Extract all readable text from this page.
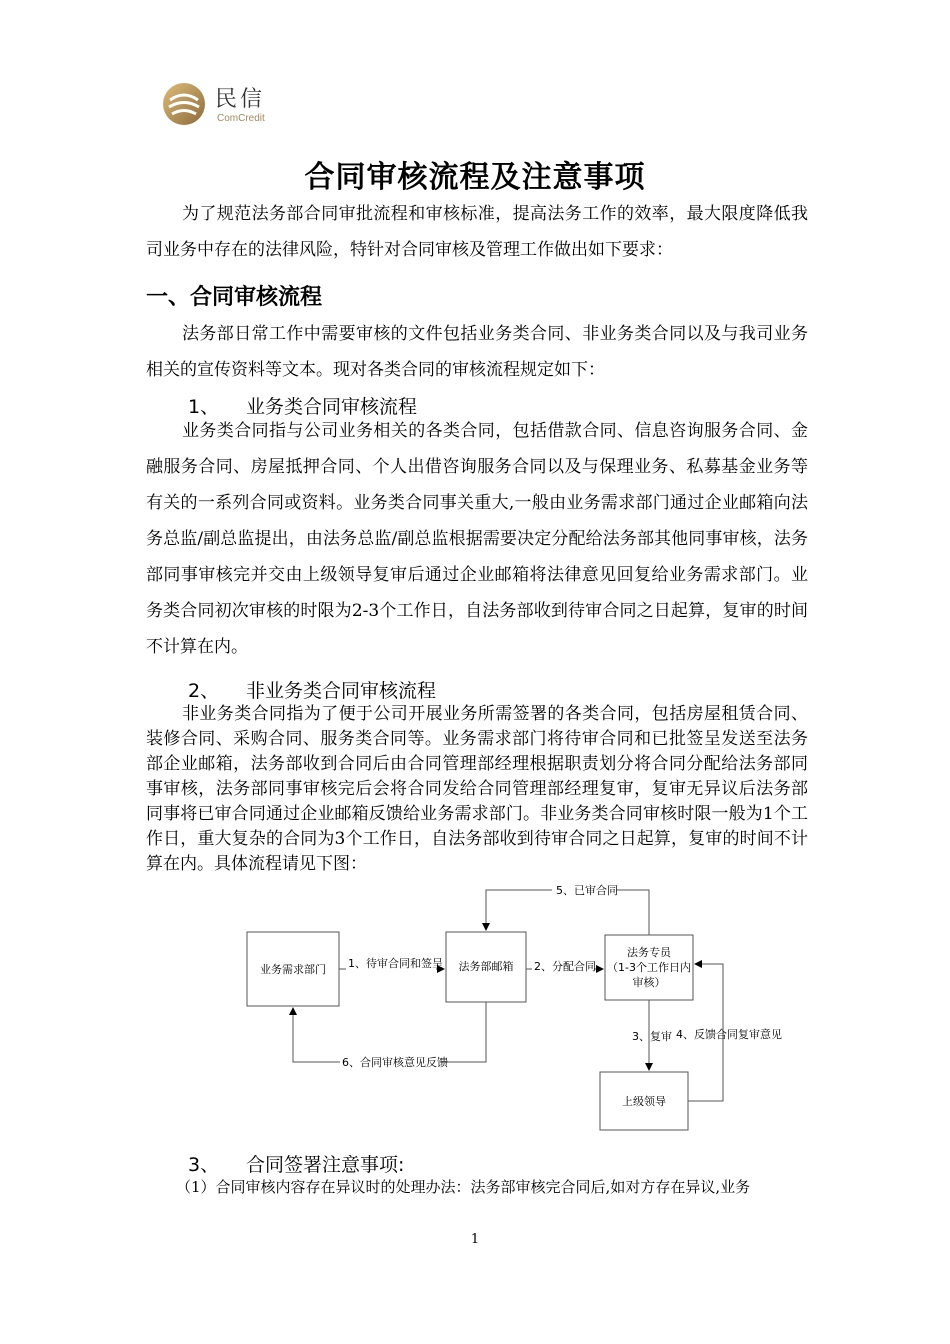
民信
ComCredit
合同审核流程及注意事项
为了规范法务部合同审批流程和审核标准，提高法务工作的效率，最大限度降低我司业务中存在的法律风险，特针对合同审核及管理工作做出如下要求：
一、合同审核流程
法务部日常工作中需要审核的文件包括业务类合同、非业务类合同以及与我司业务相关的宣传资料等文本。现对各类合同的审核流程规定如下：
1、 业务类合同审核流程
业务类合同指与公司业务相关的各类合同，包括借款合同、信息咨询服务合同、金融服务合同、房屋抵押合同、个人出借咨询服务合同以及与保理业务、私募基金业务等有关的一系列合同或资料。业务类合同事关重大,一般由业务需求部门通过企业邮箱向法务总监/副总监提出，由法务总监/副总监根据需要决定分配给法务部其他同事审核，法务部同事审核完并交由上级领导复审后通过企业邮箱将法律意见回复给业务需求部门。业务类合同初次审核的时限为2-3个工作日，自法务部收到待审合同之日起算，复审的时间不计算在内。
2、 非业务类合同审核流程
非业务类合同指为了便于公司开展业务所需签署的各类合同，包括房屋租赁合同、装修合同、采购合同、服务类合同等。业务需求部门将待审合同和已批签呈发送至法务部企业邮箱，法务部收到合同后由合同管理部经理根据职责划分将合同分配给法务部同事审核，法务部同事审核完后会将合同发给合同管理部经理复审，复审无异议后法务部同事将已审合同通过企业邮箱反馈给业务需求部门。非业务类合同审核时限一般为1个工作日，重大复杂的合同为3个工作日，自法务部收到待审合同之日起算，复审的时间不计算在内。具体流程请见下图：
业务需求部门	法务部邮箱
法务专员
（1-3个工作日内
审核）
上级领导
1、待审合同和签呈	2、分配合同
3、复审 4、反馈合同复审意见
5、已审合同
6、合同审核意见反馈
3、 合同签署注意事项:
（1）合同审核内容存在异议时的处理办法：法务部审核完合同后,如对方存在异议,业务
1
